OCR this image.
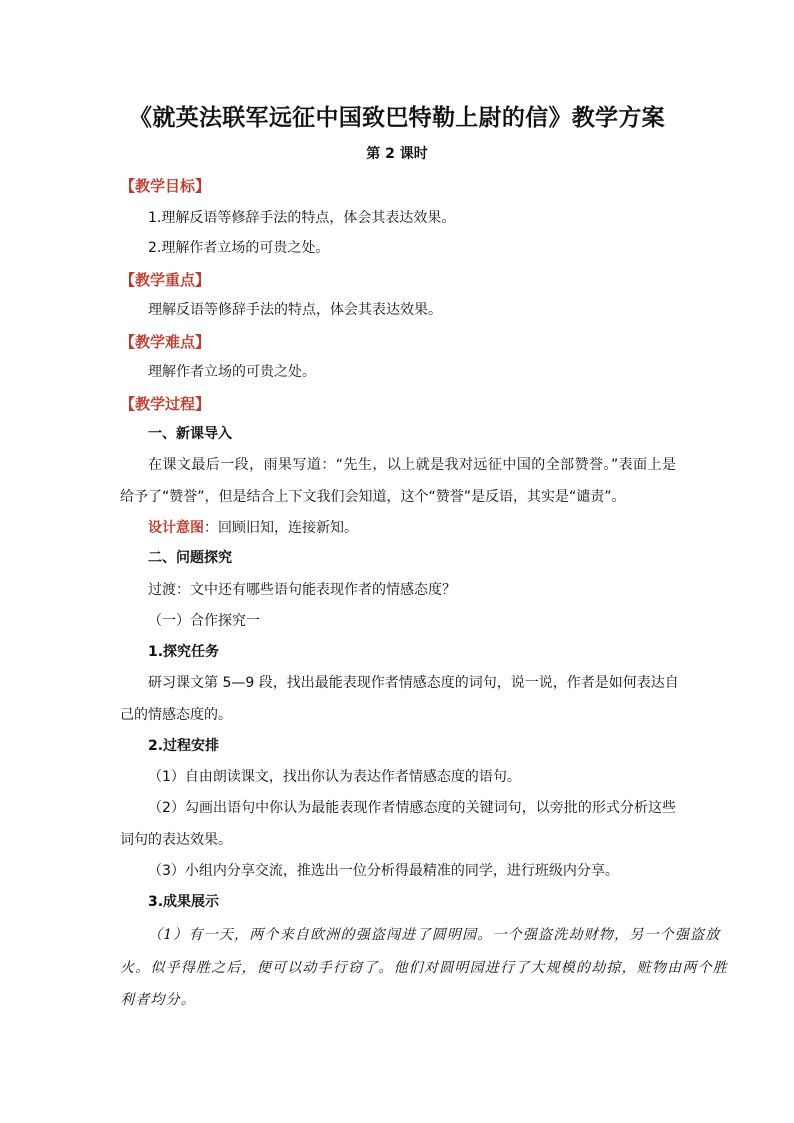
《就英法联军远征中国致巴特勒上尉的信》教学方案
第 2 课时
【教学目标】
1.理解反语等修辞手法的特点，体会其表达效果。
2.理解作者立场的可贵之处。
【教学重点】
理解反语等修辞手法的特点，体会其表达效果。
【教学难点】
理解作者立场的可贵之处。
【教学过程】
一、新课导入
在课文最后一段，雨果写道：“先生，以上就是我对远征中国的全部赞誉。”表面上是
给予了“赞誉”，但是结合上下文我们会知道，这个“赞誉”是反语，其实是“谴责”。
设计意图：回顾旧知，连接新知。
二、问题探究
过渡：文中还有哪些语句能表现作者的情感态度？
（一）合作探究一
1.探究任务
研习课文第 5—9 段，找出最能表现作者情感态度的词句，说一说，作者是如何表达自
己的情感态度的。
2.过程安排
（1）自由朗读课文，找出你认为表达作者情感态度的语句。
（2）勾画出语句中你认为最能表现作者情感态度的关键词句，以旁批的形式分析这些
词句的表达效果。
（3）小组内分享交流，推选出一位分析得最精准的同学，进行班级内分享。
3.成果展示
（1）有一天，两个来自欧洲的强盗闯进了圆明园。一个强盗洗劫财物，另一个强盗放
火。似乎得胜之后，便可以动手行窃了。他们对圆明园进行了大规模的劫掠，赃物由两个胜
利者均分。
